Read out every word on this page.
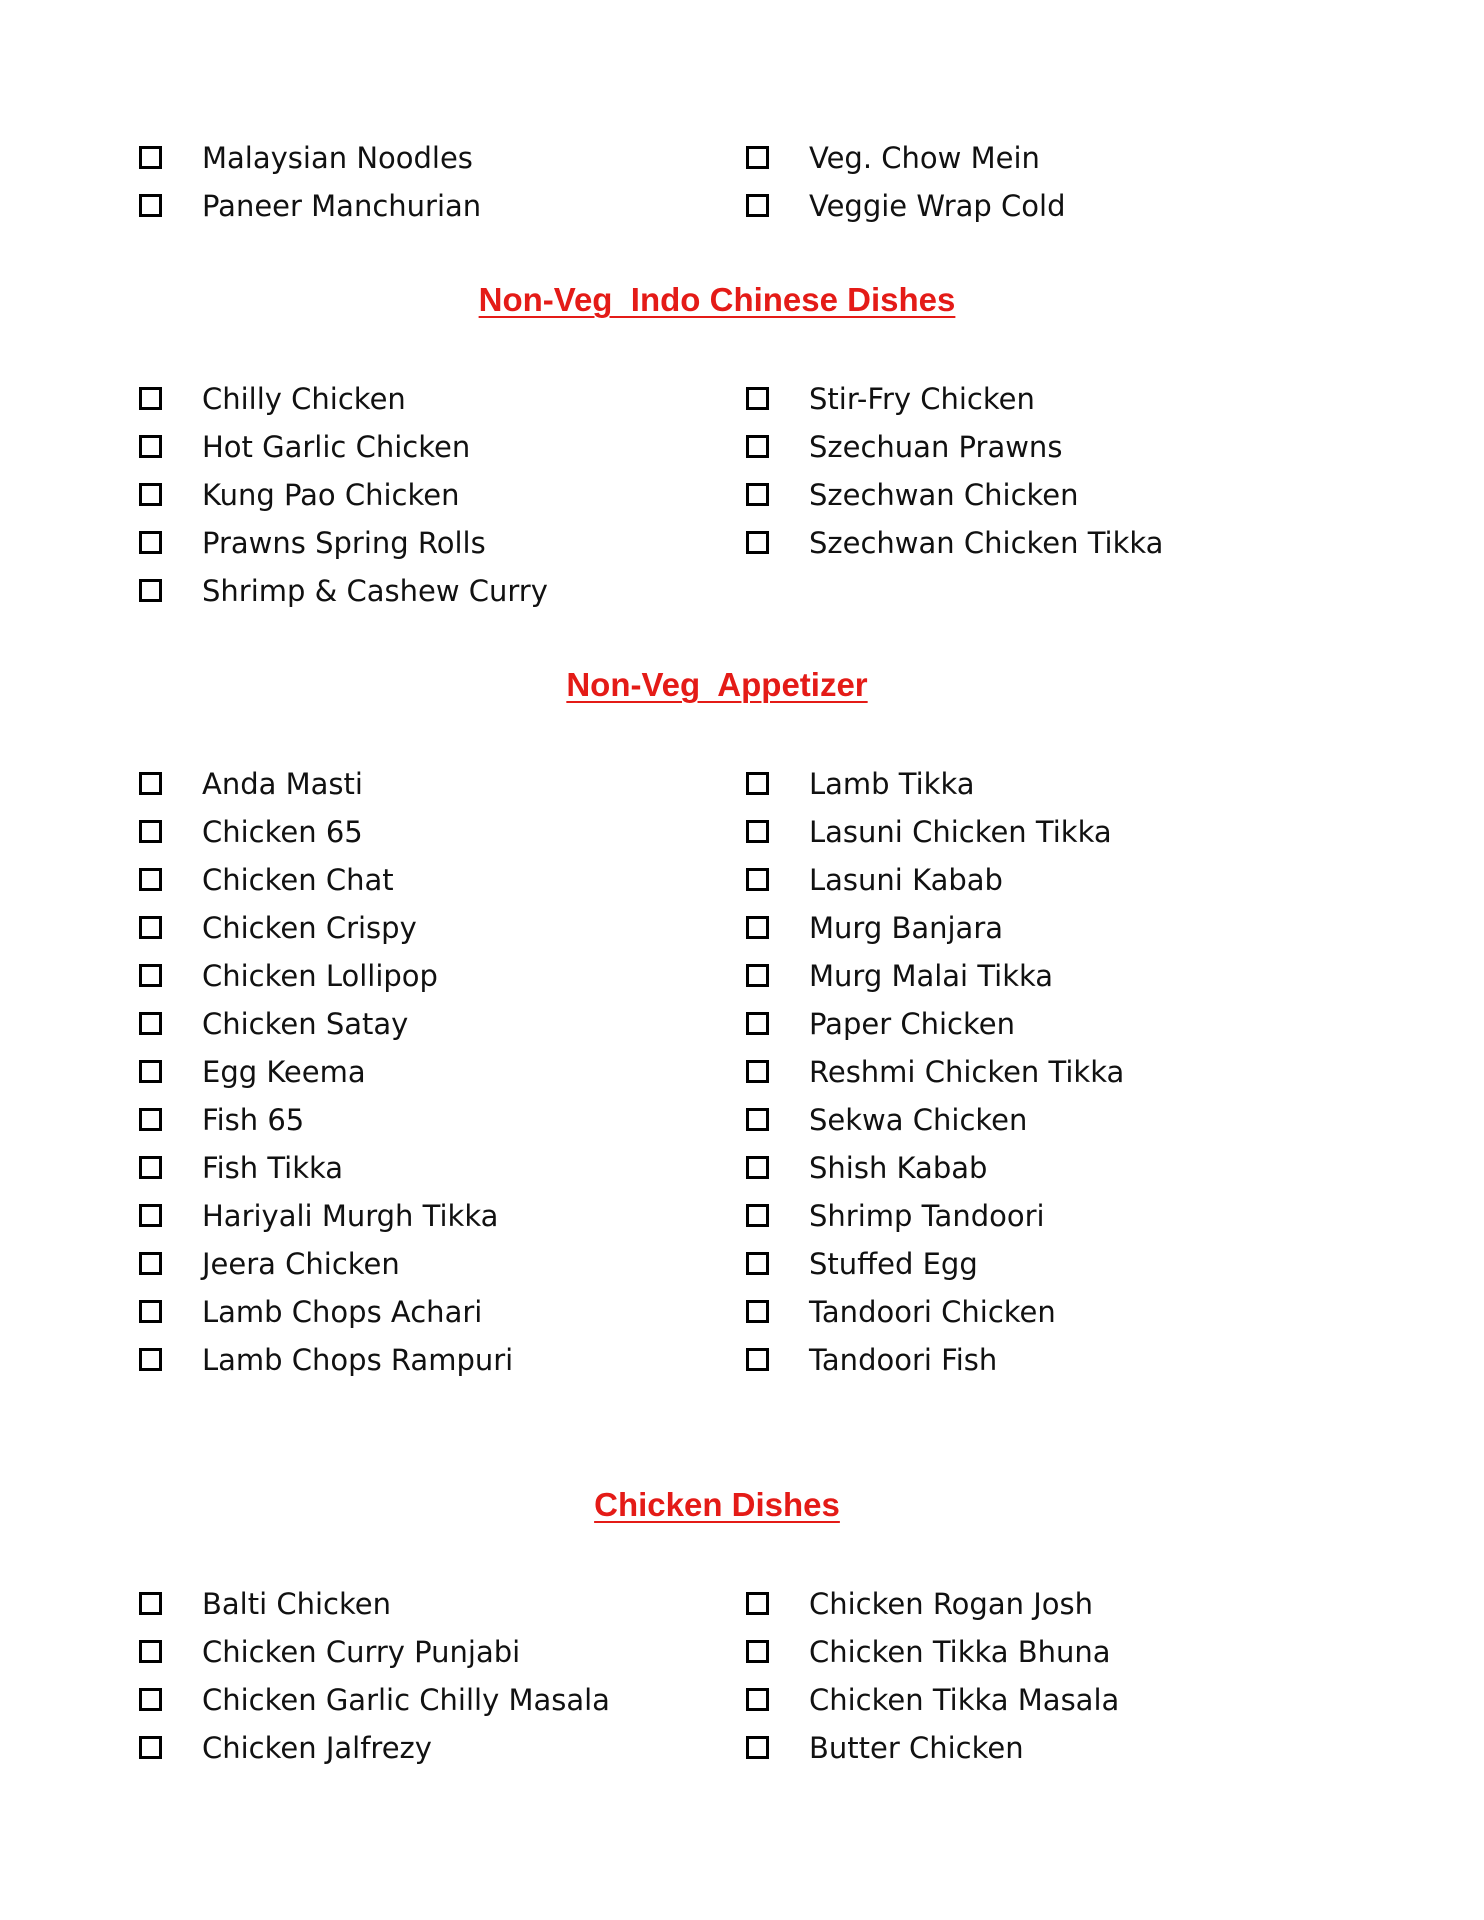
Malaysian Noodles
Paneer Manchurian
Veg. Chow Mein
Veggie Wrap Cold
Non-Veg  Indo Chinese Dishes
Chilly Chicken
Hot Garlic Chicken
Kung Pao Chicken
Prawns Spring Rolls
Shrimp & Cashew Curry
Stir-Fry Chicken
Szechuan Prawns
Szechwan Chicken
Szechwan Chicken Tikka
Non-Veg  Appetizer
Anda Masti
Chicken 65
Chicken Chat
Chicken Crispy
Chicken Lollipop
Chicken Satay
Egg Keema
Fish 65
Fish Tikka
Hariyali Murgh Tikka
Jeera Chicken
Lamb Chops Achari
Lamb Chops Rampuri
Lamb Tikka
Lasuni Chicken Tikka
Lasuni Kabab
Murg Banjara
Murg Malai Tikka
Paper Chicken
Reshmi Chicken Tikka
Sekwa Chicken
Shish Kabab
Shrimp Tandoori
Stuffed Egg
Tandoori Chicken
Tandoori Fish
Chicken Dishes
Balti Chicken
Chicken Curry Punjabi
Chicken Garlic Chilly Masala
Chicken Jalfrezy
Chicken Rogan Josh
Chicken Tikka Bhuna
Chicken Tikka Masala
Butter Chicken
